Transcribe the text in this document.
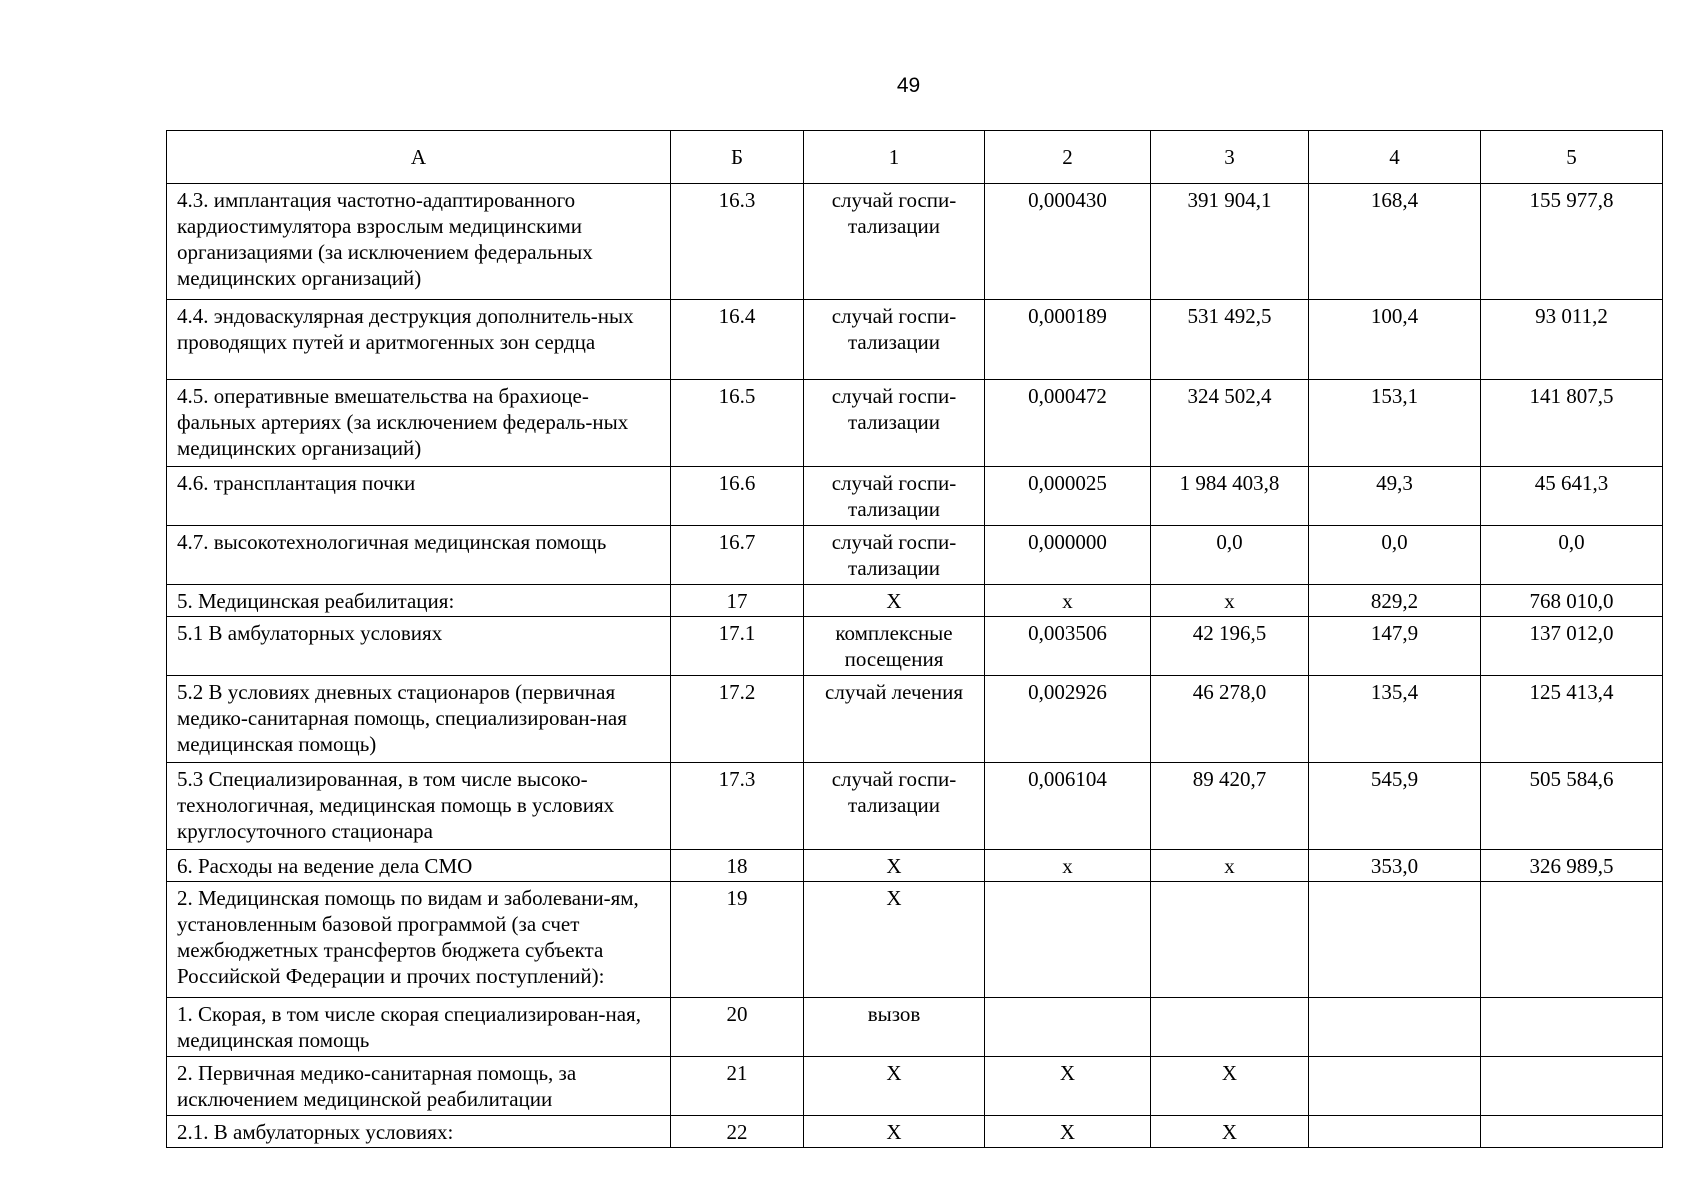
49
А	Б	1	2	3	4	5
4.3. имплантация частотно-адаптированного кардиостимулятора взрослым медицинскими организациями (за исключением федеральных медицинских организаций)	16.3	случай госпи-тализации	0,000430	391 904,1	168,4	155 977,8
4.4. эндоваскулярная деструкция дополнитель-ных проводящих путей и аритмогенных зон сердца	16.4	случай госпи-тализации	0,000189	531 492,5	100,4	93 011,2
4.5. оперативные вмешательства на брахиоце-фальных артериях (за исключением федераль-ных медицинских организаций)	16.5	случай госпи-тализации	0,000472	324 502,4	153,1	141 807,5
4.6. трансплантация почки	16.6	случай госпи-тализации	0,000025	1 984 403,8	49,3	45 641,3
4.7. высокотехнологичная медицинская помощь	16.7	случай госпи-тализации	0,000000	0,0	0,0	0,0
5. Медицинская реабилитация:	17	Х	х	х	829,2	768 010,0
5.1 В амбулаторных условиях	17.1	комплексные посещения	0,003506	42 196,5	147,9	137 012,0
5.2 В условиях дневных стационаров (первичная медико-санитарная помощь, специализирован-ная медицинская помощь)	17.2	случай лечения	0,002926	46 278,0	135,4	125 413,4
5.3 Специализированная, в том числе высоко-технологичная, медицинская помощь в условиях круглосуточного стационара	17.3	случай госпи-тализации	0,006104	89 420,7	545,9	505 584,6
6. Расходы на ведение дела СМО	18	Х	х	х	353,0	326 989,5
2. Медицинская помощь по видам и заболевани-ям, установленным базовой программой (за счет межбюджетных трансфертов бюджета субъекта Российской Федерации и прочих поступлений):	19	Х				
1. Скорая, в том числе скорая специализирован-ная, медицинская помощь	20	вызов				
2. Первичная медико-санитарная помощь, за исключением медицинской реабилитации	21	Х	Х	Х		
2.1. В амбулаторных условиях:	22	Х	Х	Х		
